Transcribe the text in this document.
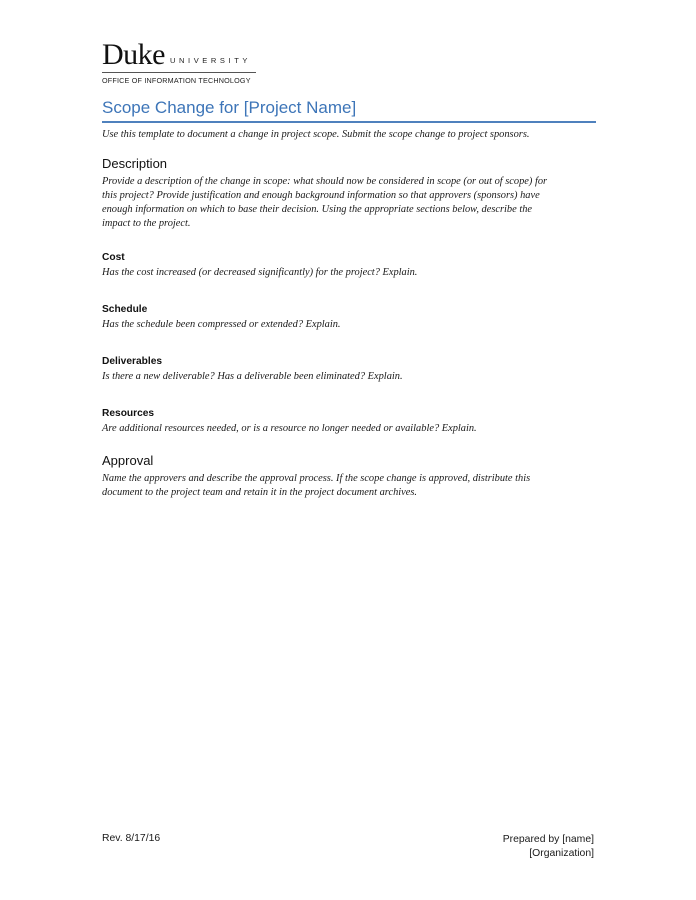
Duke UNIVERSITY
OFFICE OF INFORMATION TECHNOLOGY
Scope Change for [Project Name]
Use this template to document a change in project scope. Submit the scope change to project sponsors.
Description
Provide a description of the change in scope: what should now be considered in scope (or out of scope) for
this project? Provide justification and enough background information so that approvers (sponsors) have
enough information on which to base their decision. Using the appropriate sections below, describe the
impact to the project.
Cost
Has the cost increased (or decreased significantly) for the project? Explain.
Schedule
Has the schedule been compressed or extended? Explain.
Deliverables
Is there a new deliverable? Has a deliverable been eliminated? Explain.
Resources
Are additional resources needed, or is a resource no longer needed or available? Explain.
Approval
Name the approvers and describe the approval process. If the scope change is approved, distribute this
document to the project team and retain it in the project document archives.
Rev. 8/17/16	Prepared by [name]
[Organization]
